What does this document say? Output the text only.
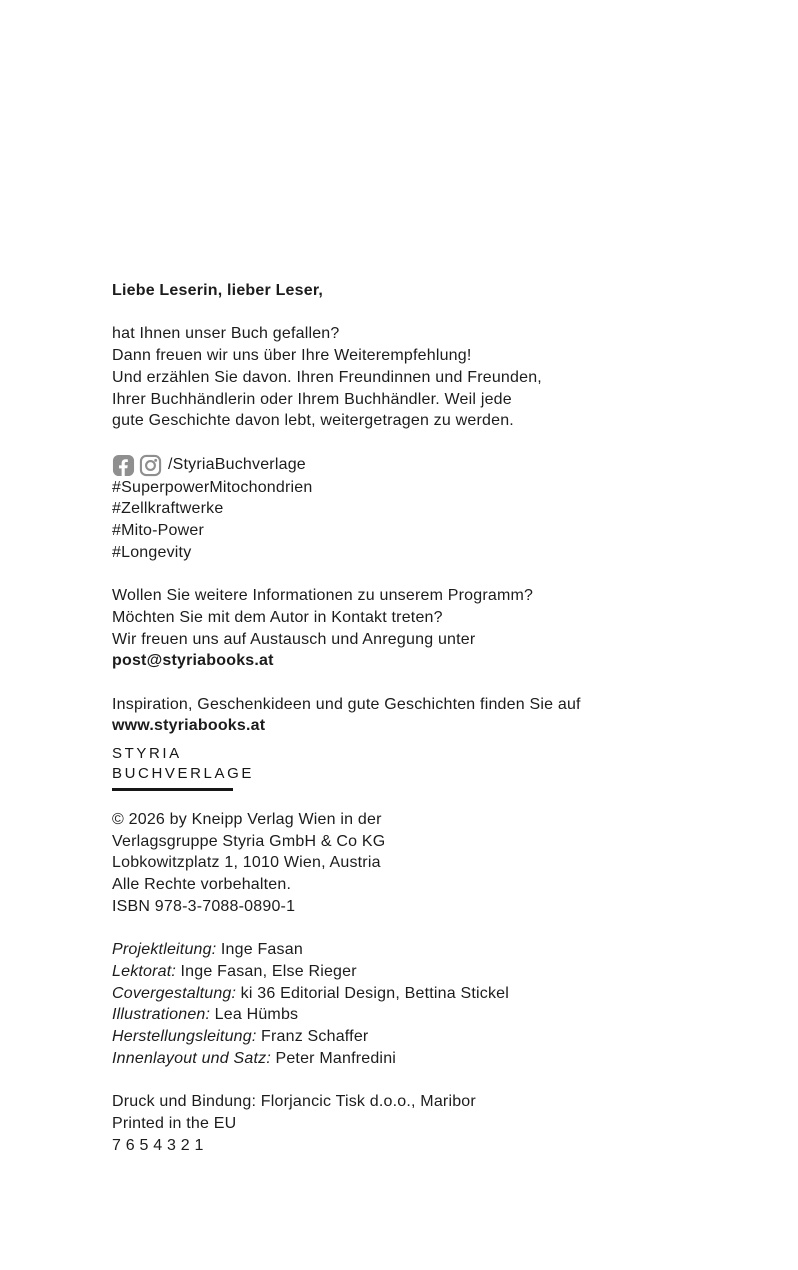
Liebe Leserin, lieber Leser,
hat Ihnen unser Buch gefallen?
Dann freuen wir uns über Ihre Weiterempfehlung!
Und erzählen Sie davon. Ihren Freundinnen und Freunden,
Ihrer Buchhändlerin oder Ihrem Buchhändler. Weil jede
gute Geschichte davon lebt, weitergetragen zu werden.
/StyriaBuchverlage
#SuperpowerMitochondrien
#Zellkraftwerke
#Mito-Power
#Longevity
Wollen Sie weitere Informationen zu unserem Programm?
Möchten Sie mit dem Autor in Kontakt treten?
Wir freuen uns auf Austausch und Anregung unter
post@styriabooks.at
Inspiration, Geschenkideen und gute Geschichten finden Sie auf
www.styriabooks.at
STYRIA
BUCHVERLAGE
© 2026 by Kneipp Verlag Wien in der
Verlagsgruppe Styria GmbH & Co KG
Lobkowitzplatz 1, 1010 Wien, Austria
Alle Rechte vorbehalten.
ISBN 978-3-7088-0890-1
Projektleitung: Inge Fasan
Lektorat: Inge Fasan, Else Rieger
Covergestaltung: ki 36 Editorial Design, Bettina Stickel
Illustrationen: Lea Hümbs
Herstellungsleitung: Franz Schaffer
Innenlayout und Satz: Peter Manfredini
Druck und Bindung: Florjancic Tisk d.o.o., Maribor
Printed in the EU
7 6 5 4 3 2 1
